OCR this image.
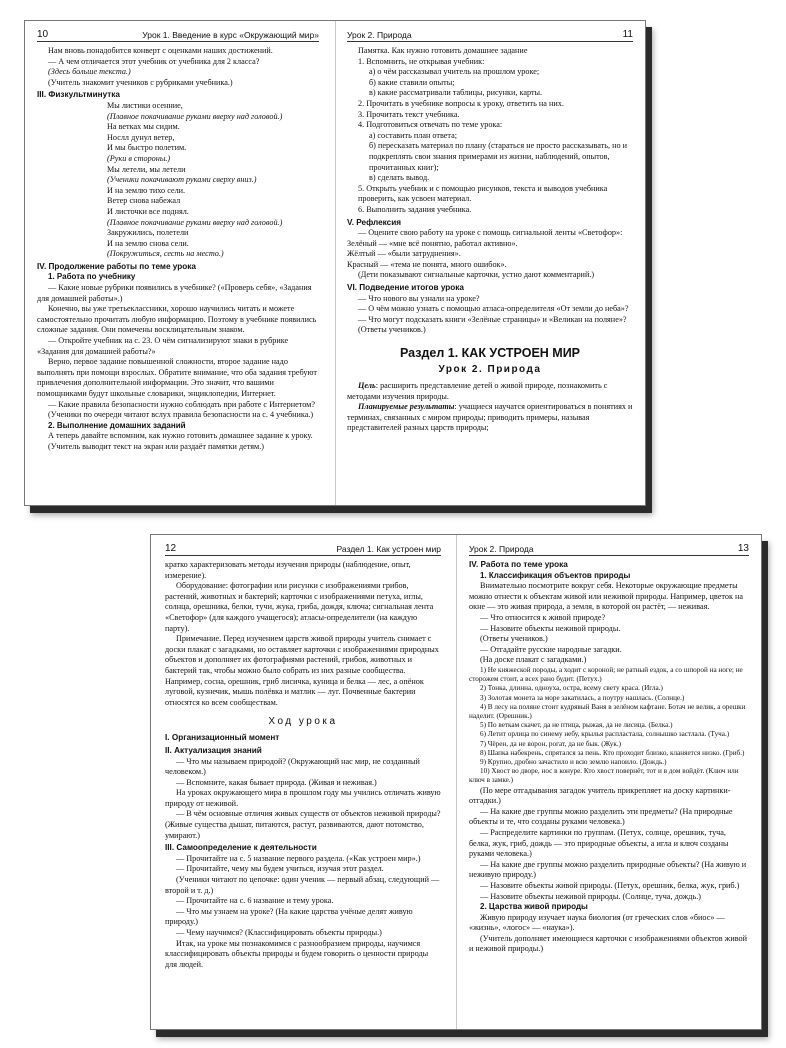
10	Урок 1. Введение в курс «Окружающий мир»
Нам вновь понадобится конверт с оценками наших достижений.
— А чем отличается этот учебник от учебника для 2 класса?
(Здесь больше текста.)
(Учитель знакомит учеников с рубриками учебника.)
III. Физкультминутка
Мы листики осенние,
(Плавное покачивание руками вверху над головой.)
На ветках мы сидим.
Нослл дунул ветер,
И мы быстро полетим.
(Руки в стороны.)
Мы летели, мы летели
(Ученики покачивают руками сверху вниз.)
И на землю тихо сели.
Ветер снова набежал
И листочки все поднял.
(Плавное покачивание руками вверху над головой.)
Закружились, полетели
И на землю снова сели.
(Покружиться, сесть на место.)
IV. Продолжение работы по теме урока
1. Работа по учебнику
— Какие новые рубрики появились в учебнике? («Проверь себя», «Задания для домашней работы».)
Конечно, вы уже третьеклассники, хорошо научились читать и можете самостоятельно прочитать любую информацию. Поэтому в учебнике появились сложные задания. Они помечены восклицательным знаком.
— Откройте учебник на с. 23. О чём сигнализируют знаки в рубрике «Задания для домашней работы?»
Верно, первое задание повышенной сложности, второе задание надо выполнять при помощи взрослых. Обратите внимание, что оба задания требуют привлечения дополнительной информации. Это значит, что вашими помощниками будут школьные словарики, энциклопедии, Интернет.
— Какие правила безопасности нужно соблюдать при работе с Интернетом?
(Ученики по очереди читают вслух правила безопасности на с. 4 учебника.)
2. Выполнение домашних заданий
А теперь давайте вспомним, как нужно готовить домашнее задание к уроку.
(Учитель выводит текст на экран или раздаёт памятки детям.)
Урок 2. Природа	11
Памятка. Как нужно готовить домашнее задание
1. Вспомнить, не открывая учебник:
а) о чём рассказывал учитель на прошлом уроке;
б) какие ставили опыты;
в) какие рассматривали таблицы, рисунки, карты.
2. Прочитать в учебнике вопросы к уроку, ответить на них.
3. Прочитать текст учебника.
4. Подготовиться отвечать по теме урока:
а) составить план ответа;
б) пересказать материал по плану (стараться не просто рассказывать, но и подкреплять свои знания примерами из жизни, наблюдений, опытов, прочитанных книг);
в) сделать вывод.
5. Открыть учебник и с помощью рисунков, текста и выводов учебника проверить, как усвоен материал.
6. Выполнить задания учебника.
V. Рефлексия
— Оцените свою работу на уроке с помощь сигнальной ленты «Светофор»:
Зелёный — «мне всё понятно, работал активно».
Жёлтый — «были затруднения».
Красный — «тема не понята, много ошибок».
(Дети показывают сигнальные карточки, устно дают комментарий.)
VI. Подведение итогов урока
— Что нового вы узнали на уроке?
— О чём можно узнать с помощью атласа-определителя «От земли до неба»?
— Что могут подсказать книги «Зелёные страницы» и «Великан на поляне»?
(Ответы учеников.)
Раздел 1. КАК УСТРОЕН МИР
Урок 2. Природа

Цель: расширить представление детей о живой природе, познакомить с методами изучения природы.

Планируемые результаты: учащиеся научатся ориентироваться в понятиях и терминах, связанных с миром природы; приводить примеры, называя представителей разных царств природы;

12	Раздел 1. Как устроен мир
кратко характеризовать методы изучения природы (наблюдение, опыт, измерение).
Оборудование: фотографии или рисунки с изображениями грибов, растений, животных и бактерий; карточки с изображениями петуха, иглы, солнца, орешника, белки, тучи, жука, гриба, дождя, ключа; сигнальная лента «Светофор» (для каждого учащегося); атласы-определители (на каждую парту).
Примечание. Перед изучением царств живой природы учитель снимает с доски плакат с загадками, но оставляет карточки с изображениями природных объектов и дополняет их фотографиями растений, грибов, животных и бактерий так, чтобы можно было собрать из них разные сообщества. Например, сосна, орешник, гриб лисичка, куница и белка — лес, а опёнок луговой, кузнечик, мышь полёвка и матлик — луг. Почвенные бактерии относятся ко всем сообществам.
Ход урока
I. Организационный момент
II. Актуализация знаний
— Что мы называем природой? (Окружающий нас мир, не созданный человеком.)
— Вспомните, какая бывает природа. (Живая и неживая.)
На уроках окружающего мира в прошлом году мы учились отличать живую природу от неживой.
— В чём основные отличия живых существ от объектов неживой природы? (Живые существа дышат, питаются, растут, развиваются, дают потомство, умирают.)
III. Самоопределение к деятельности
— Прочитайте на с. 5 название первого раздела. («Как устроен мир».)
— Прочитайте, чему мы будем учиться, изучая этот раздел.
(Ученики читают по цепочке: один ученик — первый абзац, следующий — второй и т. д.)
— Прочитайте на с. 6 название и тему урока.
— Что мы узнаем на уроке? (На какие царства учёные делят живую природу.)
— Чему научимся? (Классифицировать объекты природы.)
Итак, на уроке мы познакомимся с разнообразием природы, научимся классифицировать объекты природы и будем говорить о ценности природы для людей.
Урок 2. Природа	13
IV. Работа по теме урока
1. Классификация объектов природы
Внимательно посмотрите вокруг себя. Некоторые окружающие предметы можно отнести к объектам живой или неживой природы. Например, цветок на окне — это живая природа, а земля, в которой он растёт, — неживая.
— Что относится к живой природе?
— Назовите объекты неживой природы.
(Ответы учеников.)
— Отгадайте русские народные загадки.
(На доске плакат с загадками.)
1) Не княжеской породы, а ходит с короной; не ратный ездок, а со шпорой на ноге; не сторожем стоит, а всех рано будит. (Петух.)
2) Тонка, длинна, одноуха, остра, всему свету краса. (Игла.)
3) Золотая монета за море закатилась, а поутру нашлась. (Солнце.)
4) В лесу на поляне стоит кудрявый Ваня в зелёном кафтане. Ботач не велик, а орешки наделит. (Орешник.)
5) По веткам скачет, да не птица, рыжая, да не лисица. (Белка.)
6) Летит орлица по синему небу, крылья распластала, солнышко застлала. (Туча.)
7) Чёрен, да не ворон, рогат, да не бык. (Жук.)
8) Шапка набекрень, спрятался за пень. Кто проходит близко, кланяется низко. (Гриб.)
9) Крупно, дробно зачастило и всю землю напоило. (Дождь.)
10) Хвост во дворе, нос в конуре. Кто хвост повернёт, тот и в дом войдёт. (Ключ или ключ в замке.)
(По мере отгадывания загадок учитель прикрепляет на доску картинки-отгадки.)
— На какие две группы можно разделить эти предметы? (На природные объекты и те, что созданы руками человека.)
— Распределите картинки по группам. (Петух, солнце, орешник, туча, белка, жук, гриб, дождь — это природные объекты, а игла и ключ созданы руками человека.)
— На какие две группы можно разделить природные объекты? (На живую и неживую природу.)
— Назовите объекты живой природы. (Петух, орешник, белка, жук, гриб.)
— Назовите объекты неживой природы. (Солнце, туча, дождь.)
2. Царства живой природы
Живую природу изучает наука биология (от греческих слов «биос» — «жизнь», «логос» — «наука»).
(Учитель дополняет имеющиеся карточки с изображениями объектов живой и неживой природы.)
